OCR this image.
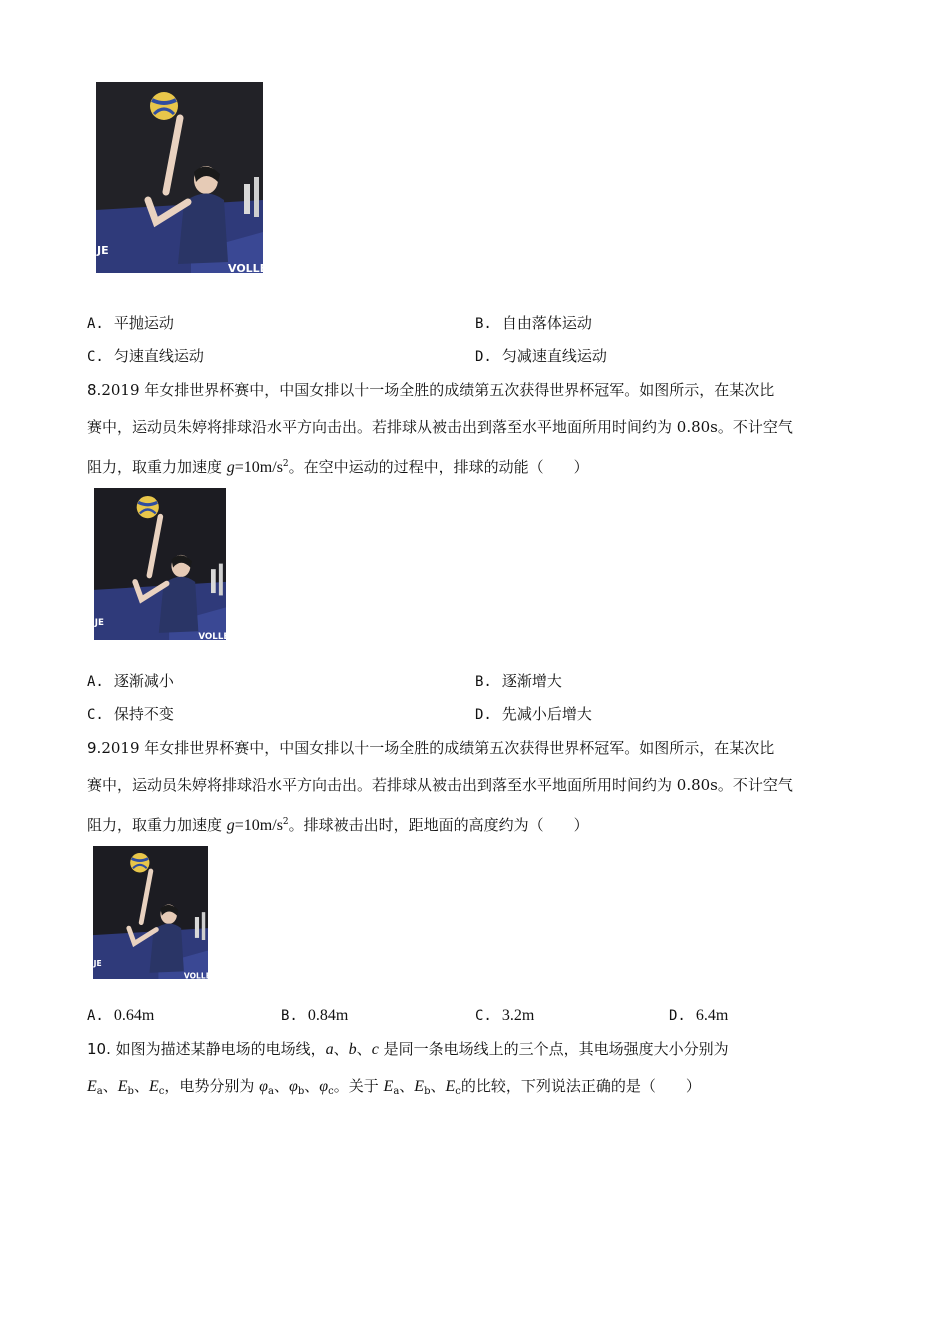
VOLLE
JE
A. 平抛运动	B. 自由落体运动
C. 匀速直线运动	D. 匀减速直线运动
8.2019 年女排世界杯赛中，中国女排以十一场全胜的成绩第五次获得世界杯冠军。如图所示，在某次比
赛中，运动员朱婷将排球沿水平方向击出。若排球从被击出到落至水平地面所用时间约为 0.80s。不计空气
阻力，取重力加速度 $g=10m/s^2$。在空中运动的过程中，排球的动能（　　）
VOLLE
JE
A. 逐渐减小	B. 逐渐增大
C. 保持不变	D. 先减小后增大
9.2019 年女排世界杯赛中，中国女排以十一场全胜的成绩第五次获得世界杯冠军。如图所示，在某次比
赛中，运动员朱婷将排球沿水平方向击出。若排球从被击出到落至水平地面所用时间约为 0.80s。不计空气
阻力，取重力加速度 $g=10m/s^2$。排球被击出时，距地面的高度约为（　　）
VOLLE
JE
A. 0.64m	B. 0.84m	C. 3.2m	D. 6.4m
10. 如图为描述某静电场的电场线，a、b、c 是同一条电场线上的三个点，其电场强度大小分别为
$E_a$、$E_b$、$E_c$，电势分别为 $\varphi_a$、$\varphi_b$、$\varphi_c$。关于 $E_a$、$E_b$、$E_c$的比较，下列说法正确的是（　　）
